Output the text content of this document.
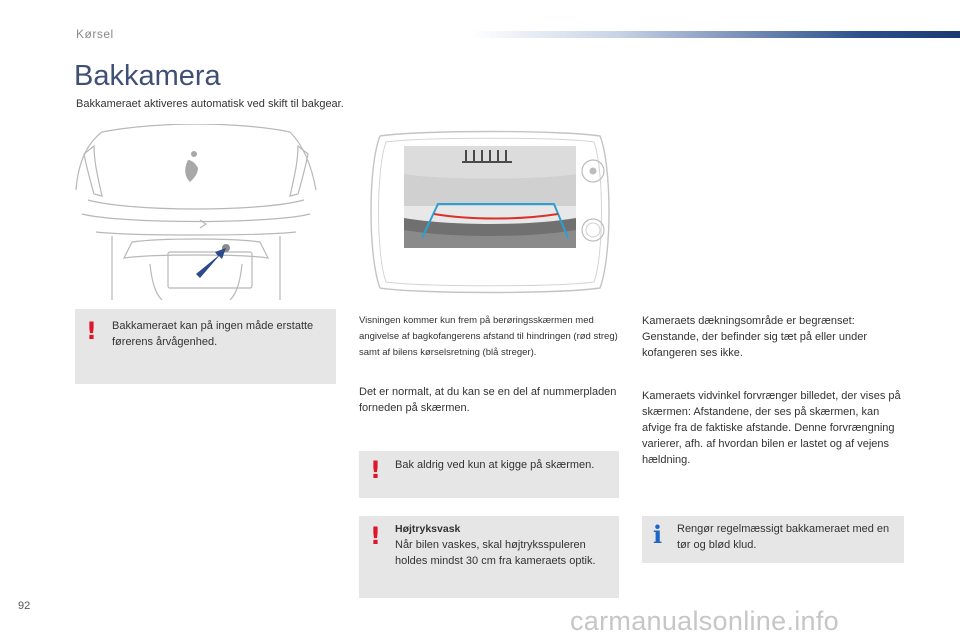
Kørsel
Bakkamera

Bakkameraet aktiveres automatisk ved skift til bakgear.

! Bakkameraet kan på ingen måde erstatte førerens årvågenhed.
Visningen kommer kun frem på berøringsskærmen med angivelse af bagkofangerens afstand til hindringen (rød streg) samt af bilens kørselsretning (blå streger).
Det er normalt, at du kan se en del af nummerpladen forneden på skærmen.
! Bak aldrig ved kun at kigge på skærmen.
! Højtryksvask
Når bilen vaskes, skal højtryksspuleren holdes mindst 30 cm fra kameraets optik.
Kameraets dækningsområde er begrænset: Genstande, der befinder sig tæt på eller under kofangeren ses ikke.
Kameraets vidvinkel forvrænger billedet, der vises på skærmen: Afstandene, der ses på skærmen, kan afvige fra de faktiske afstande. Denne forvrængning varierer, afh. af hvordan bilen er lastet og af vejens hældning.
i Rengør regelmæssigt bakkameraet med en tør og blød klud.
92	carmanualsonline.info
